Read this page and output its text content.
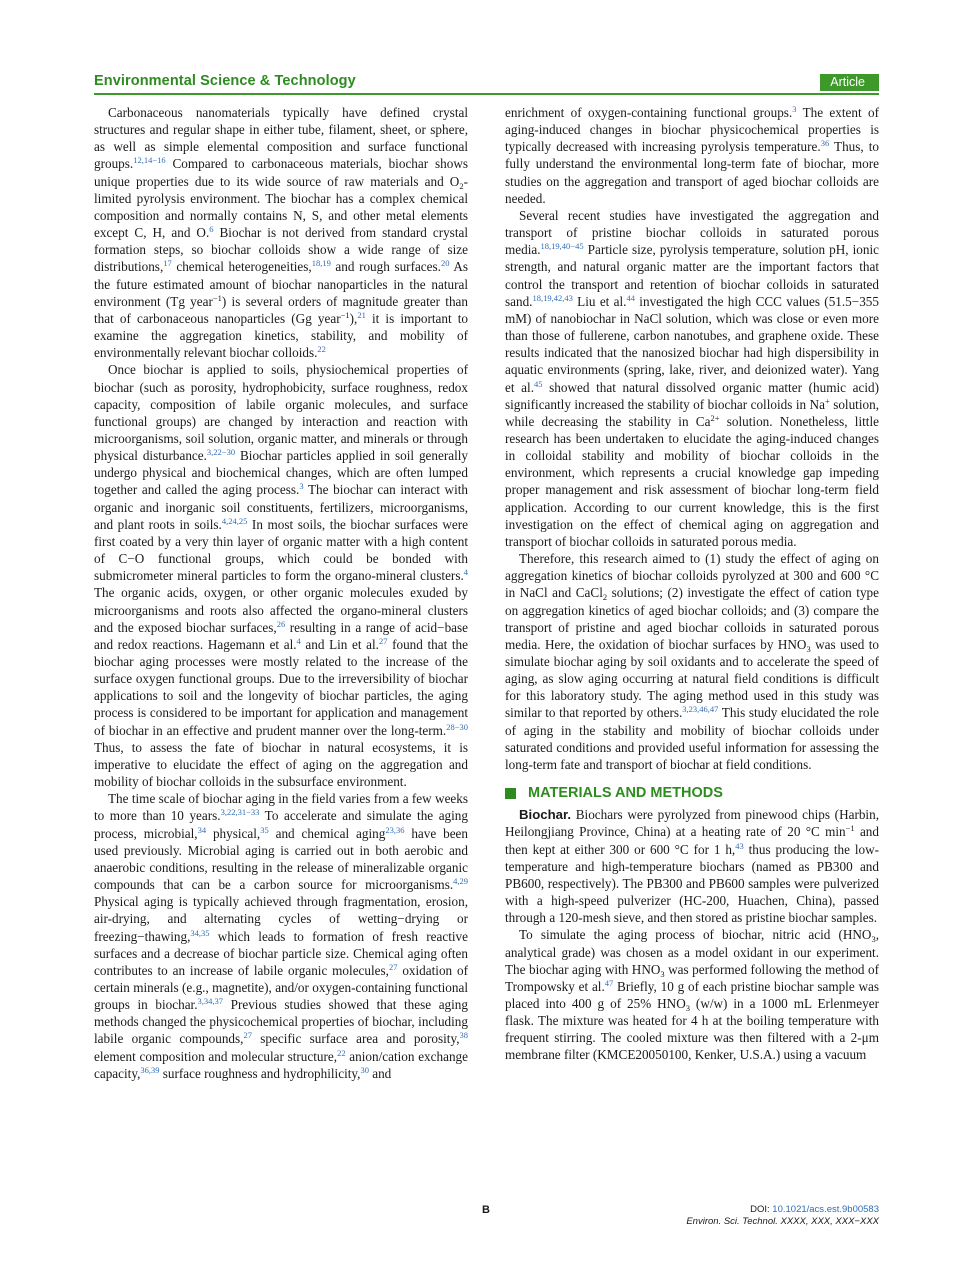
Environmental Science & Technology	Article

Carbonaceous nanomaterials typically have defined crystal structures and regular shape in either tube, filament, sheet, or sphere, as well as simple elemental composition and surface functional groups.$^{12,14-16}$ Compared to carbonaceous materials, biochar shows unique properties due to its wide source of raw materials and $O_2$-limited pyrolysis environment. The biochar has a complex chemical composition and normally contains N, S, and other metal elements except C, H, and O.$^6$ Biochar is not derived from standard crystal formation steps, so biochar colloids show a wide range of size distributions,$^{17}$ chemical heterogeneities,$^{18,19}$ and rough surfaces.$^{20}$ As the future estimated amount of biochar nanoparticles in the natural environment (Tg year$^{-1}$) is several orders of magnitude greater than that of carbonaceous nanoparticles (Gg year$^{-1}$),$^{21}$ it is important to examine the aggregation kinetics, stability, and mobility of environmentally relevant biochar colloids.$^{22}$

Once biochar is applied to soils, physiochemical properties of biochar (such as porosity, hydrophobicity, surface roughness, redox capacity, composition of labile organic molecules, and surface functional groups) are changed by interaction and reaction with microorganisms, soil solution, organic matter, and minerals or through physical disturbance.$^{3,22-30}$ Biochar particles applied in soil generally undergo physical and biochemical changes, which are often lumped together and called the aging process.$^3$ The biochar can interact with organic and inorganic soil constituents, fertilizers, microorganisms, and plant roots in soils.$^{4,24,25}$ In most soils, the biochar surfaces were first coated by a very thin layer of organic matter with a high content of C−O functional groups, which could be bonded with submicrometer mineral particles to form the organo-mineral clusters.$^4$ The organic acids, oxygen, or other organic molecules exuded by microorganisms and roots also affected the organo-mineral clusters and the exposed biochar surfaces,$^{26}$ resulting in a range of acid−base and redox reactions. Hagemann et al.$^4$ and Lin et al.$^{27}$ found that the biochar aging processes were mostly related to the increase of the surface oxygen functional groups. Due to the irreversibility of biochar applications to soil and the longevity of biochar particles, the aging process is considered to be important for application and management of biochar in an effective and prudent manner over the long-term.$^{28-30}$ Thus, to assess the fate of biochar in natural ecosystems, it is imperative to elucidate the effect of aging on the aggregation and mobility of biochar colloids in the subsurface environment.

The time scale of biochar aging in the field varies from a few weeks to more than 10 years.$^{3,22,31-33}$ To accelerate and simulate the aging process, microbial,$^{34}$ physical,$^{35}$ and chemical aging$^{23,36}$ have been used previously. Microbial aging is carried out in both aerobic and anaerobic conditions, resulting in the release of mineralizable organic compounds that can be a carbon source for microorganisms.$^{4,29}$ Physical aging is typically achieved through fragmentation, erosion, air-drying, and alternating cycles of wetting−drying or freezing−thawing,$^{34,35}$ which leads to formation of fresh reactive surfaces and a decrease of biochar particle size. Chemical aging often contributes to an increase of labile organic molecules,$^{27}$ oxidation of certain minerals (e.g., magnetite), and/or oxygen-containing functional groups in biochar.$^{3,34,37}$ Previous studies showed that these aging methods changed the physicochemical properties of biochar, including labile organic compounds,$^{27}$ specific surface area and porosity,$^{38}$ element composition and molecular structure,$^{22}$ anion/cation exchange capacity,$^{36,39}$ surface roughness and hydrophilicity,$^{30}$ and

enrichment of oxygen-containing functional groups.$^3$ The extent of aging-induced changes in biochar physicochemical properties is typically decreased with increasing pyrolysis temperature.$^{36}$ Thus, to fully understand the environmental long-term fate of biochar, more studies on the aggregation and transport of aged biochar colloids are needed.

Several recent studies have investigated the aggregation and transport of pristine biochar colloids in saturated porous media.$^{18,19,40-45}$ Particle size, pyrolysis temperature, solution pH, ionic strength, and natural organic matter are the important factors that control the transport and retention of biochar colloids in saturated sand.$^{18,19,42,43}$ Liu et al.$^{44}$ investigated the high CCC values (51.5−355 mM) of nanobiochar in NaCl solution, which was close or even more than those of fullerene, carbon nanotubes, and graphene oxide. These results indicated that the nanosized biochar had high dispersibility in aquatic environments (spring, lake, river, and deionized water). Yang et al.$^{45}$ showed that natural dissolved organic matter (humic acid) significantly increased the stability of biochar colloids in Na+ solution, while decreasing the stability in $Ca^{2+}$ solution. Nonetheless, little research has been undertaken to elucidate the aging-induced changes in colloidal stability and mobility of biochar colloids in the environment, which represents a crucial knowledge gap impeding proper management and risk assessment of biochar long-term field application. According to our current knowledge, this is the first investigation on the effect of chemical aging on aggregation and transport of biochar colloids in saturated porous media.

Therefore, this research aimed to (1) study the effect of aging on aggregation kinetics of biochar colloids pyrolyzed at 300 and 600 °C in NaCl and CaCl$_2$ solutions; (2) investigate the effect of cation type on aggregation kinetics of aged biochar colloids; and (3) compare the transport of pristine and aged biochar colloids in saturated porous media. Here, the oxidation of biochar surfaces by $HNO_3$ was used to simulate biochar aging by soil oxidants and to accelerate the speed of aging, as slow aging occurring at natural field conditions is difficult for this laboratory study. The aging method used in this study was similar to that reported by others.$^{3,23,46,47}$ This study elucidated the role of aging in the stability and mobility of biochar colloids under saturated conditions and provided useful information for assessing the long-term fate and transport of biochar at field conditions.

MATERIALS AND METHODS

Biochar. Biochars were pyrolyzed from pinewood chips (Harbin, Heilongjiang Province, China) at a heating rate of 20 °C $\min^{-1}$ and then kept at either 300 or 600 °C for 1 h,$^{43}$ thus producing the low-temperature and high-temperature biochars (named as PB300 and PB600, respectively). The PB300 and PB600 samples were pulverized with a high-speed pulverizer (HC-200, Huachen, China), passed through a 120-mesh sieve, and then stored as pristine biochar samples.

To simulate the aging process of biochar, nitric acid ($HNO_3$, analytical grade) was chosen as a model oxidant in our experiment. The biochar aging with $HNO_3$ was performed following the method of Trompowsky et al.$^{47}$ Briefly, 10 g of each pristine biochar sample was placed into 400 g of 25% $HNO_3$ (w/w) in a 1000 mL Erlenmeyer flask. The mixture was heated for 4 h at the boiling temperature with frequent stirring. The cooled mixture was then filtered with a 2-μm membrane filter (KMCE20050100, Kenker, U.S.A.) using a vacuum

B	DOI: 10.1021/acs.est.9b00583
Environ. Sci. Technol. XXXX, XXX, XXX−XXX
